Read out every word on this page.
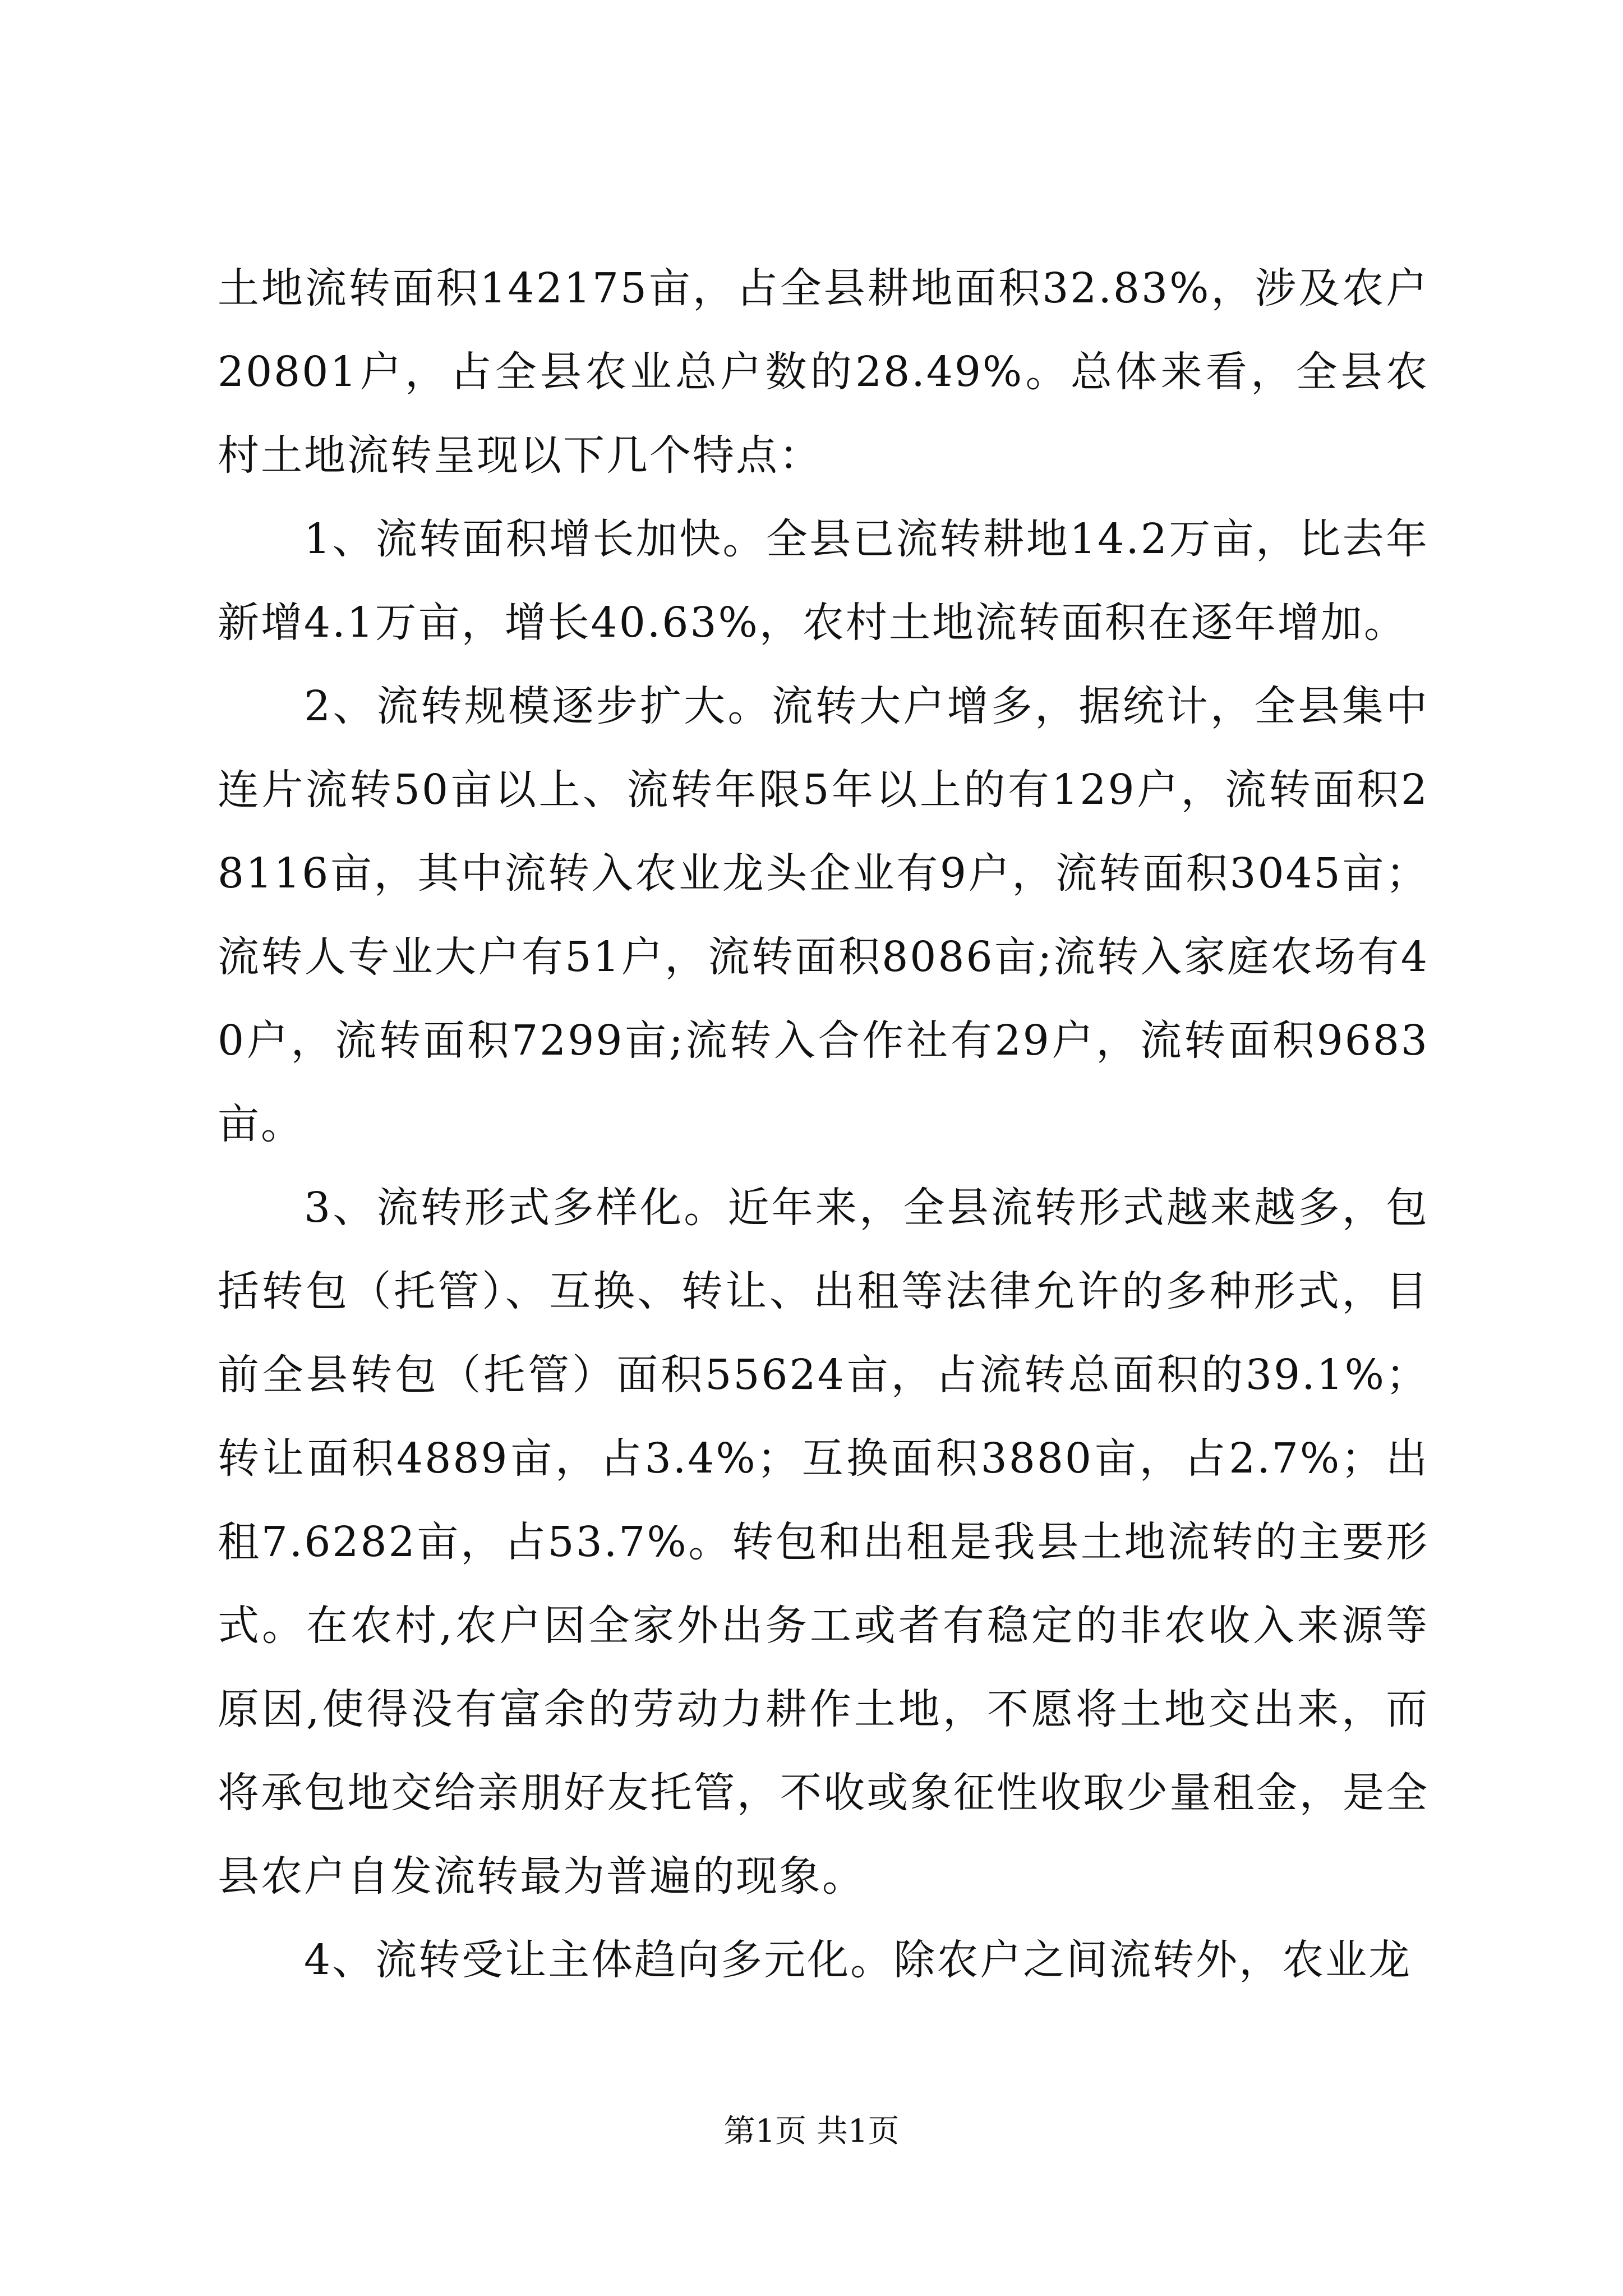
土地流转面积142175亩，占全县耕地面积32.83%，涉及农户20801户，占全县农业总户数的28.49%。总体来看，全县农村土地流转呈现以下几个特点：

1、流转面积增长加快。全县已流转耕地14.2万亩，比去年新增4.1万亩，增长40.63%，农村土地流转面积在逐年增加。

2、流转规模逐步扩大。流转大户增多，据统计，全县集中连片流转50亩以上、流转年限5年以上的有129户，流转面积28116亩，其中流转入农业龙头企业有9户，流转面积3045亩；流转人专业大户有51户，流转面积8086亩;流转入家庭农场有40户，流转面积7299亩;流转入合作社有29户，流转面积9683亩。

3、流转形式多样化。近年来，全县流转形式越来越多，包括转包（托管）、互换、转让、出租等法律允许的多种形式，目前全县转包（托管）面积55624亩，占流转总面积的39.1%；转让面积4889亩，占3.4%；互换面积3880亩，占2.7%；出租7.6282亩，占53.7%。转包和出租是我县土地流转的主要形式。在农村,农户因全家外出务工或者有稳定的非农收入来源等原因,使得没有富余的劳动力耕作土地，不愿将土地交出来，而将承包地交给亲朋好友托管，不收或象征性收取少量租金，是全县农户自发流转最为普遍的现象。

4、流转受让主体趋向多元化。除农户之间流转外，农业龙

第1页 共1页
